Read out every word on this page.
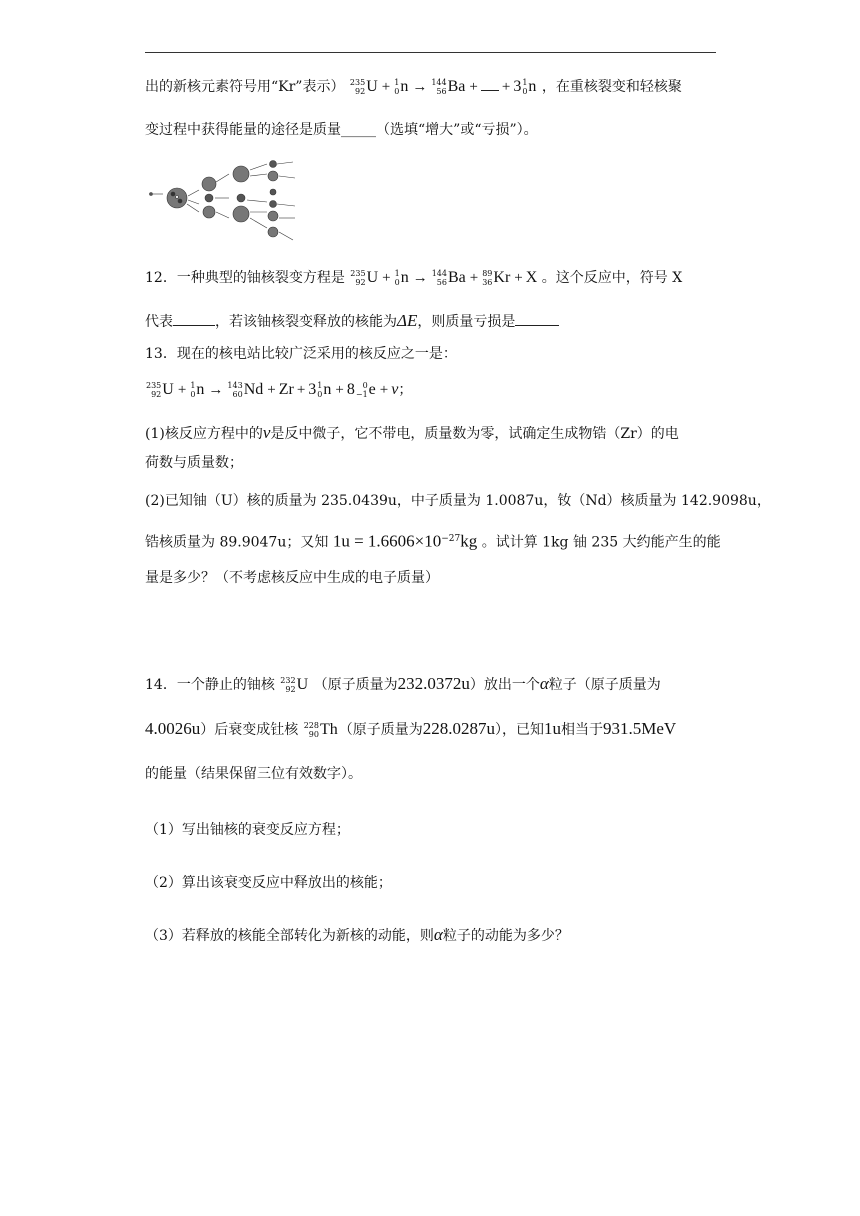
出的新核元素符号用“Kr”表示） 235
92 U + 1
0 n → 144
56 Ba + + 3 1
0 n ，在重核裂变和轻核聚
变过程中获得能量的途径是质量_____（选填“增大”或“亏损”）。
12．一种典型的铀核裂变方程是 235
92 U + 1
0 n → 144
56 Ba + 89
36 Kr + X 。这个反应中，符号 X
代表	，若该铀核裂变释放的核能为ΔE，则质量亏损是
13．现在的核电站比较广泛采用的核反应之一是：
235
92 U + 1
0 n → 143
60 Nd + Zr + 3 1
0 n + 8 0
−1 e + ν；
(1)核反应方程中的ν是反中微子，它不带电，质量数为零，试确定生成物锆（Zr）的电
荷数与质量数；
(2)已知铀（U）核的质量为 235.0439u，中子质量为 1.0087u，钕（Nd）核质量为 142.9098u，
锆核质量为 89.9047u；又知 $1u = 1.6606\times 10^{-27}kg$ 。试计算 1kg 铀 235 大约能产生的能
量是多少？（不考虑核反应中生成的电子质量）
14．一个静止的铀核 232
92 U （原子质量为232.0372u）放出一个α粒子（原子质量为
4.0026u）后衰变成钍核 228
90 Th （原子质量为228.0287u），已知1u相当于931.5MeV
的能量（结果保留三位有效数字）。
（1）写出铀核的衰变反应方程；
（2）算出该衰变反应中释放出的核能；
（3）若释放的核能全部转化为新核的动能，则α粒子的动能为多少？
